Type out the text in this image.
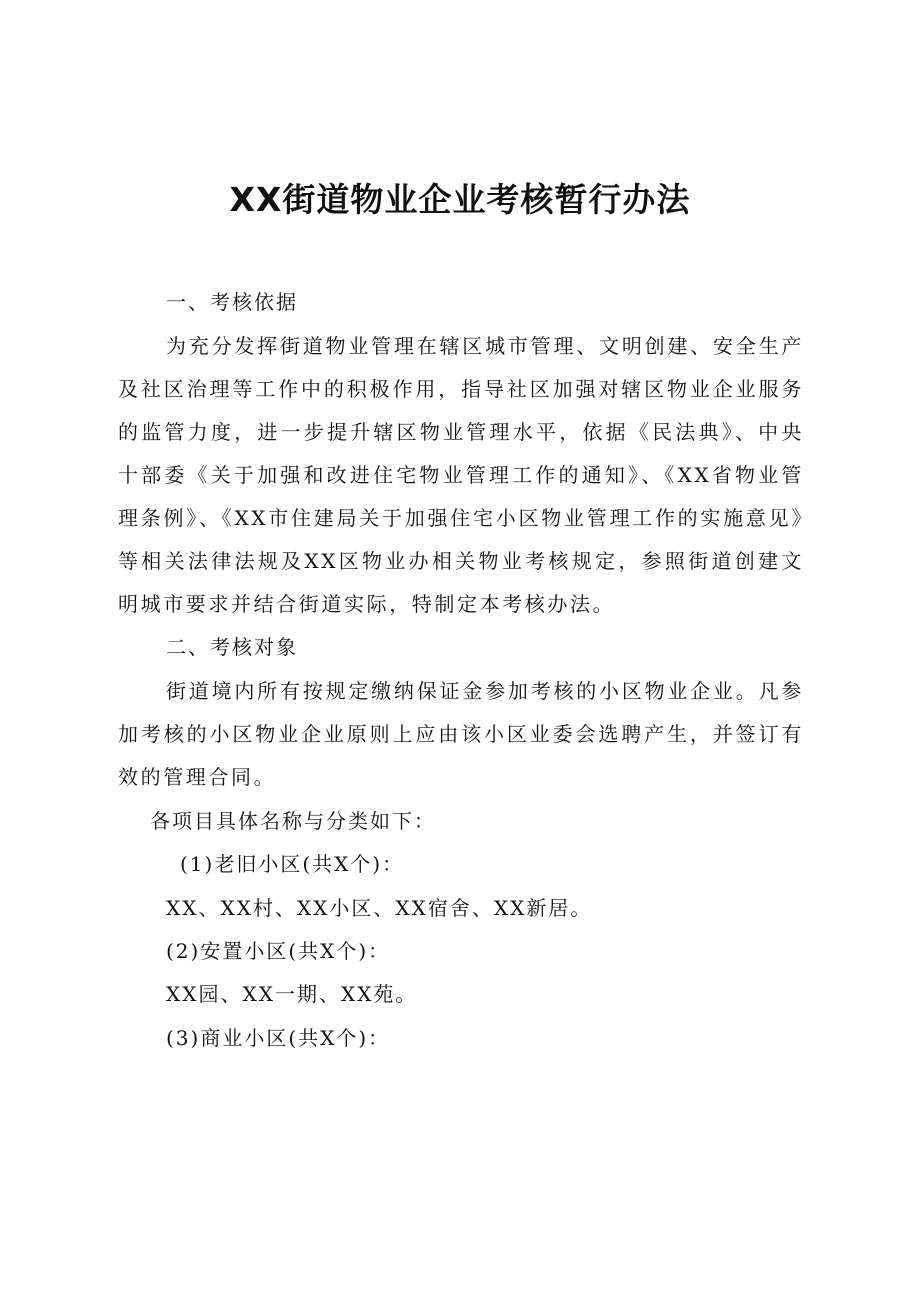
XX街道物业企业考核暂行办法

一、考核依据

为充分发挥街道物业管理在辖区城市管理、文明创建、安全生产及社区治理等工作中的积极作用，指导社区加强对辖区物业企业服务的监管力度，进一步提升辖区物业管理水平，依据《民法典》、中央十部委《关于加强和改进住宅物业管理工作的通知》、《XX省物业管理条例》、《XX市住建局关于加强住宅小区物业管理工作的实施意见》等相关法律法规及XX区物业办相关物业考核规定，参照街道创建文明城市要求并结合街道实际，特制定本考核办法。

二、考核对象

街道境内所有按规定缴纳保证金参加考核的小区物业企业。凡参加考核的小区物业企业原则上应由该小区业委会选聘产生，并签订有效的管理合同。

各项目具体名称与分类如下：

(1)老旧小区(共X个)：

XX、XX村、XX小区、XX宿舍、XX新居。

(2)安置小区(共X个)：

XX园、XX一期、XX苑。

(3)商业小区(共X个)：
